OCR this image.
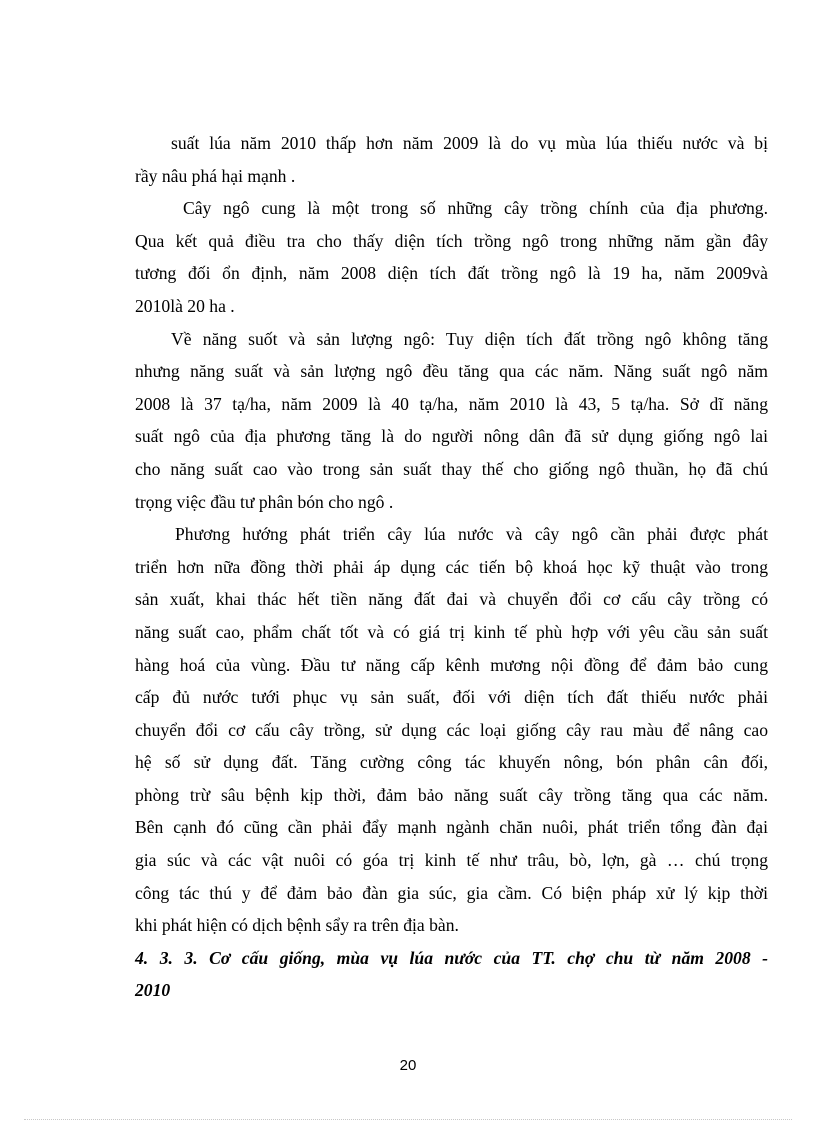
suất lúa năm 2010 thấp hơn năm 2009 là do vụ mùa lúa thiếu nước và bị
rầy nâu phá hại mạnh .
Cây ngô cung là một trong số những cây trồng chính của địa phương.
Qua kết quả điều tra cho thấy diện tích trồng ngô trong những năm gần đây
tương đối ổn định, năm 2008 diện tích đất trồng ngô là 19 ha, năm 2009và
2010là 20 ha .
Về năng suốt và sản lượng ngô: Tuy diện tích đất trồng ngô không tăng
nhưng năng suất và sản lượng ngô đều tăng qua các năm. Năng suất ngô năm
2008 là 37 tạ/ha, năm 2009 là 40 tạ/ha, năm 2010 là 43, 5 tạ/ha. Sở dĩ năng
suất ngô của địa phương tăng là do người nông dân đã sử dụng giống ngô lai
cho năng suất cao vào trong sản suất thay thế cho giống ngô thuần, họ đã chú
trọng việc đầu tư phân bón cho ngô .
Phương hướng phát triển cây lúa nước và cây ngô cần phải được phát
triển hơn nữa đồng thời phải áp dụng các tiến bộ khoá học kỹ thuật vào trong
sản xuất, khai thác hết tiền năng đất đai và chuyển đổi cơ cấu cây trồng có
năng suất cao, phẩm chất tốt và có giá trị kinh tế phù hợp với yêu cầu sản suất
hàng hoá của vùng. Đầu tư năng cấp kênh mương nội đồng để đảm bảo cung
cấp đủ nước tưới phục vụ sản suất, đối với diện tích đất thiếu nước phải
chuyển đổi cơ cấu cây trồng, sử dụng các loại giống cây rau màu để nâng cao
hệ số sử dụng đất. Tăng cường công tác khuyến nông, bón phân cân đối,
phòng trừ sâu bệnh kịp thời, đảm bảo năng suất cây trồng tăng qua các năm.
Bên cạnh đó cũng cần phải đẩy mạnh ngành chăn nuôi, phát triển tổng đàn đại
gia súc và các vật nuôi có góa trị kinh tế như trâu, bò, lợn, gà … chú trọng
công tác thú y để đảm bảo đàn gia súc, gia cầm. Có biện pháp xử lý kịp thời
khi phát hiện có dịch bệnh sẩy ra trên địa bàn.
4. 3. 3. Cơ cấu giống, mùa vụ lúa nước của TT. chợ chu từ năm 2008 -
2010
20
